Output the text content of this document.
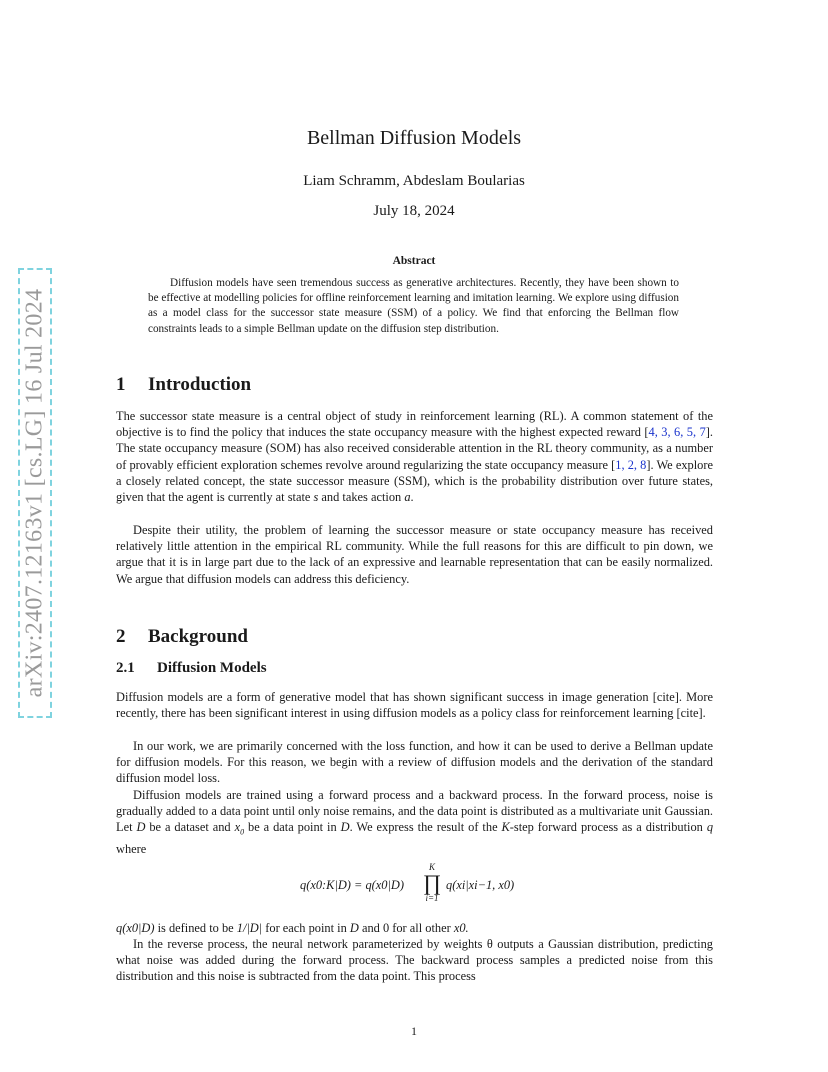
arXiv:2407.12163v1 [cs.LG] 16 Jul 2024
Bellman Diffusion Models
Liam Schramm, Abdeslam Boularias
July 18, 2024
Abstract
Diffusion models have seen tremendous success as generative architectures. Recently, they have been shown to be effective at modelling policies for offline reinforcement learning and imitation learning. We explore using diffusion as a model class for the successor state measure (SSM) of a policy. We find that enforcing the Bellman flow constraints leads to a simple Bellman update on the diffusion step distribution.
1 Introduction

The successor state measure is a central object of study in reinforcement learning (RL). A common statement of the objective is to find the policy that induces the state occupancy measure with the highest expected reward [4, 3, 6, 5, 7]. The state occupancy measure (SOM) has also received considerable attention in the RL theory community, as a number of provably efficient exploration schemes revolve around regularizing the state occupancy measure [1, 2, 8]. We explore a closely related concept, the state successor measure (SSM), which is the probability distribution over future states, given that the agent is currently at state s and takes action a.

Despite their utility, the problem of learning the successor measure or state occupancy measure has received relatively little attention in the empirical RL community. While the full reasons for this are difficult to pin down, we argue that it is in large part due to the lack of an expressive and learnable representation that can be easily normalized. We argue that diffusion models can address this deficiency.

2 Background
2.1 Diffusion Models

Diffusion models are a form of generative model that has shown significant success in image generation [cite]. More recently, there has been significant interest in using diffusion models as a policy class for reinforcement learning [cite].

In our work, we are primarily concerned with the loss function, and how it can be used to derive a Bellman update for diffusion models. For this reason, we begin with a review of diffusion models and the derivation of the standard diffusion model loss.

Diffusion models are trained using a forward process and a backward process. In the forward process, noise is gradually added to a data point until only noise remains, and the data point is distributed as a multivariate unit Gaussian. Let D be a dataset and $x_0$ be a data point in D. We express the result of the K-step forward process as a distribution q where

q(x0:K|D) = q(x0|D)
K
∏
i=1
q(xi|xi−1, x0)

q(x0|D) is defined to be 1/|D| for each point in D and 0 for all other x0.

In the reverse process, the neural network parameterized by weights θ outputs a Gaussian distribution, predicting what noise was added during the forward process. The backward process samples a predicted noise from this distribution and this noise is subtracted from the data point. This process

1
